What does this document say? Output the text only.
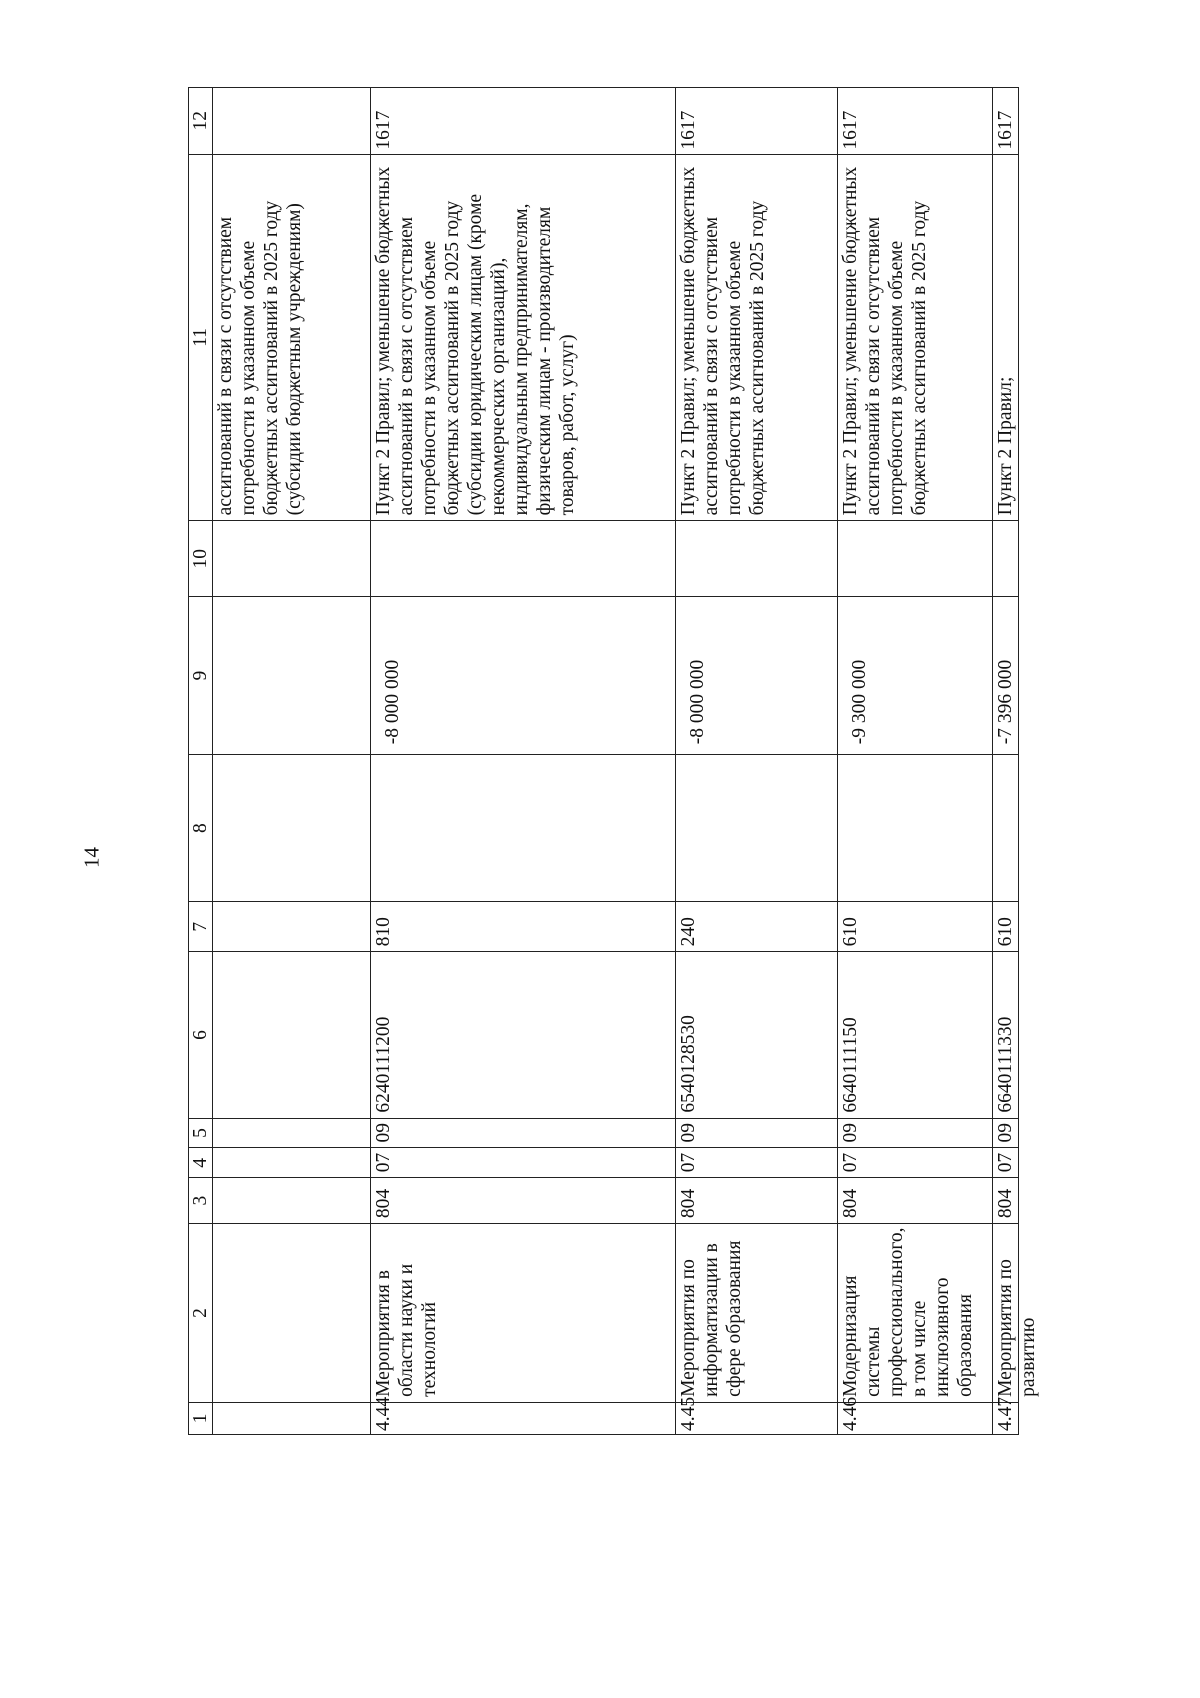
14
1	2	3	4	5	6	7	8	9	10	11	12
										ассигнований в связи с отсутствием потребности в указанном объеме бюджетных ассигнований в 2025 году (субсидии бюджетным учреждениям)	
4.44	Мероприятия в области науки и технологий	804	07	09	6240111200	810		-8 000 000		Пункт 2 Правил; уменьшение бюджетных ассигнований в связи с отсутствием потребности в указанном объеме бюджетных ассигнований в 2025 году (субсидии юридическим лицам (кроме некоммерческих организаций), индивидуальным предпринимателям, физическим лицам - производителям товаров, работ, услуг)	1617
4.45	Мероприятия по информатизации в сфере образования	804	07	09	6540128530	240		-8 000 000		Пункт 2 Правил; уменьшение бюджетных ассигнований в связи с отсутствием потребности в указанном объеме бюджетных ассигнований в 2025 году	1617
4.46	Модернизация системы профессионального, в том числе инклюзивного образования	804	07	09	6640111150	610		-9 300 000		Пункт 2 Правил; уменьшение бюджетных ассигнований в связи с отсутствием потребности в указанном объеме бюджетных ассигнований в 2025 году	1617
4.47	Мероприятия по развитию	804	07	09	6640111330	610		-7 396 000		Пункт 2 Правил;	1617
